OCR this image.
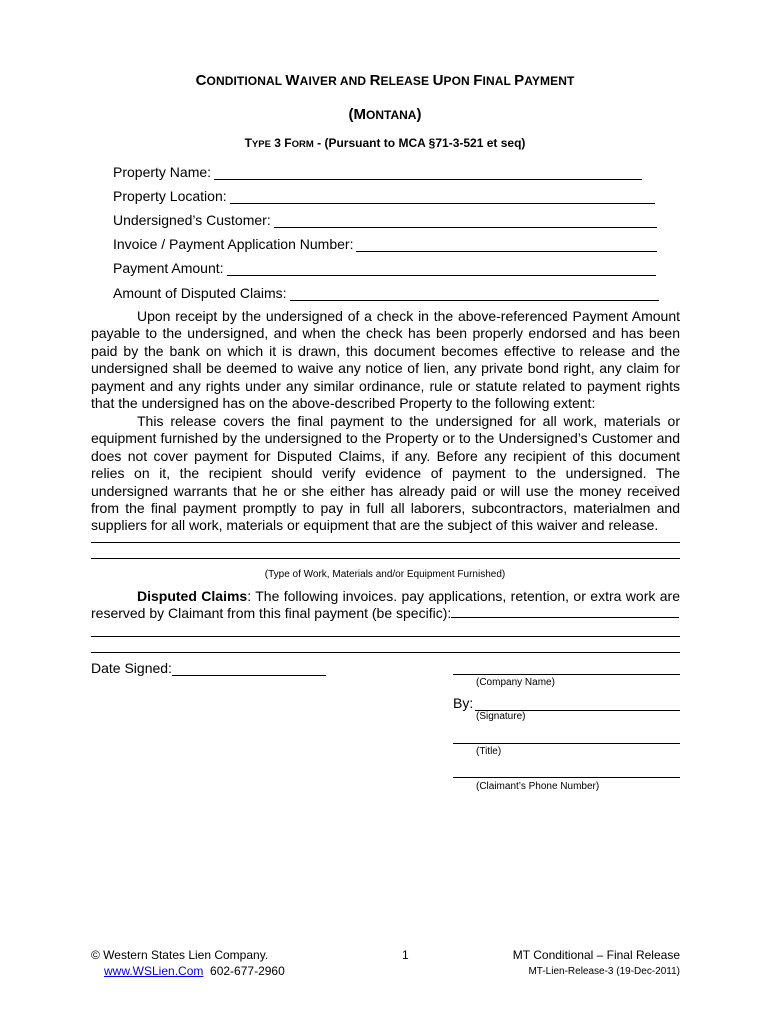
CONDITIONAL WAIVER AND RELEASE UPON FINAL PAYMENT
(MONTANA)
TYPE 3 FORM - (Pursuant to MCA §71-3-521 et seq)
Property Name:
Property Location:
Undersigned’s Customer:
Invoice / Payment Application Number:
Payment Amount:
Amount of Disputed Claims:
Upon receipt by the undersigned of a check in the above-referenced Payment Amount payable to the undersigned, and when the check has been properly endorsed and has been paid by the bank on which it is drawn, this document becomes effective to release and the undersigned shall be deemed to waive any notice of lien, any private bond right, any claim for payment and any rights under any similar ordinance, rule or statute related to payment rights that the undersigned has on the above-described Property to the following extent:
This release covers the final payment to the undersigned for all work, materials or equipment furnished by the undersigned to the Property or to the Undersigned’s Customer and does not cover payment for Disputed Claims, if any. Before any recipient of this document relies on it, the recipient should verify evidence of payment to the undersigned. The undersigned warrants that he or she either has already paid or will use the money received from the final payment promptly to pay in full all laborers, subcontractors, materialmen and suppliers for all work, materials or equipment that are the subject of this waiver and release.
(Type of Work, Materials and/or Equipment Furnished)
Disputed Claims: The following invoices. pay applications, retention, or extra work are reserved by Claimant from this final payment (be specific):
Date Signed:
(Company Name)
By:
(Signature)
(Title)
(Claimant’s Phone Number)
© Western States Lien Company.
www.WSLien.Com 602-677-2960
1	MT Conditional – Final Release
MT-Lien-Release-3 (19-Dec-2011)
